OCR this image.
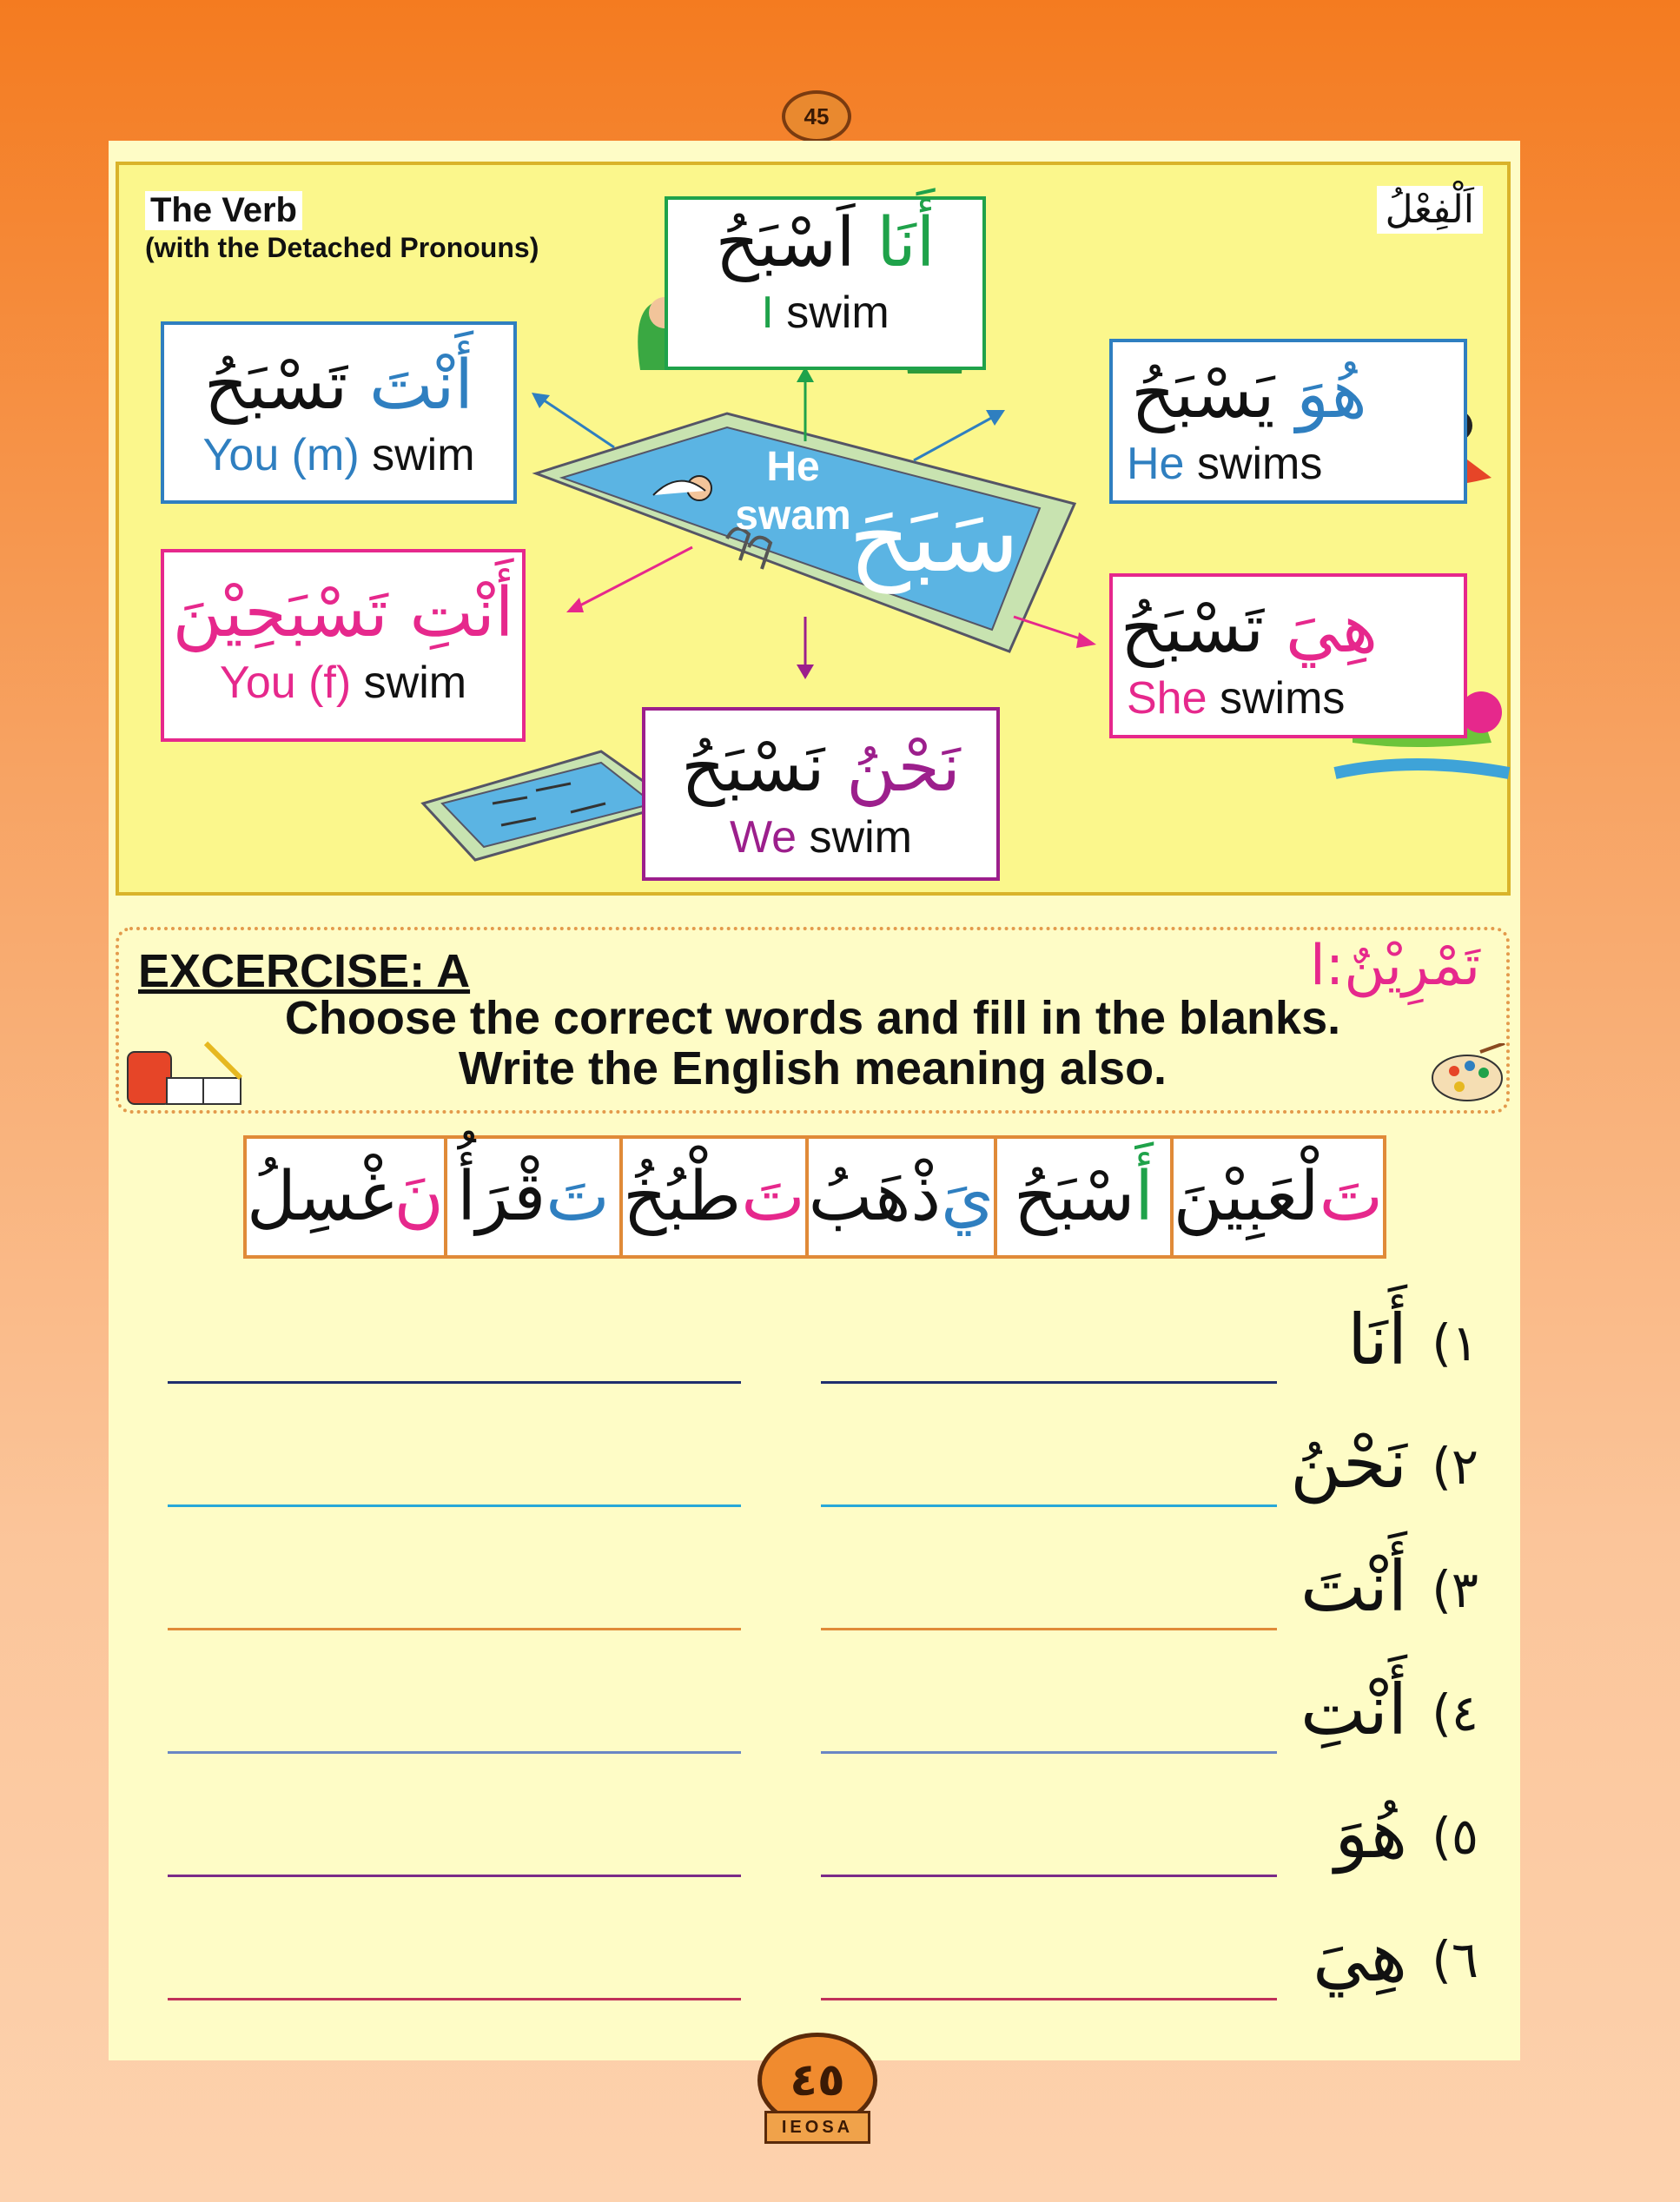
45
The Verb
(with the Detached Pronouns)
اَلْفِعْلُ
He swam
سَبَحَ
أَنَا اَسْبَحُ
I swim
أَنْتَ تَسْبَحُ
You (m) swim
هُوَ يَسْبَحُ
He swims
أَنْتِ تَسْبَحِيْنَ
You (f) swim
هِيَ تَسْبَحُ
She swims
نَحْنُ نَسْبَحُ
We swim
EXCERCISE: A	تَمْرِيْنٌ:ا
Choose the correct words and fill in the blanks.
Write the English meaning also.
تَ
لْعَبِيْنَ
أَ
سْبَحُ
يَ
ذْهَبُ
تَ
طْبُخُ
تَ
قْرَأُ
نَ
غْسِلُ
١)
أَنَا
٢)
نَحْنُ
٣)
أَنْتَ
٤)
أَنْتِ
٥)
هُوَ
٦)
هِيَ
٤٥
IEOSA
